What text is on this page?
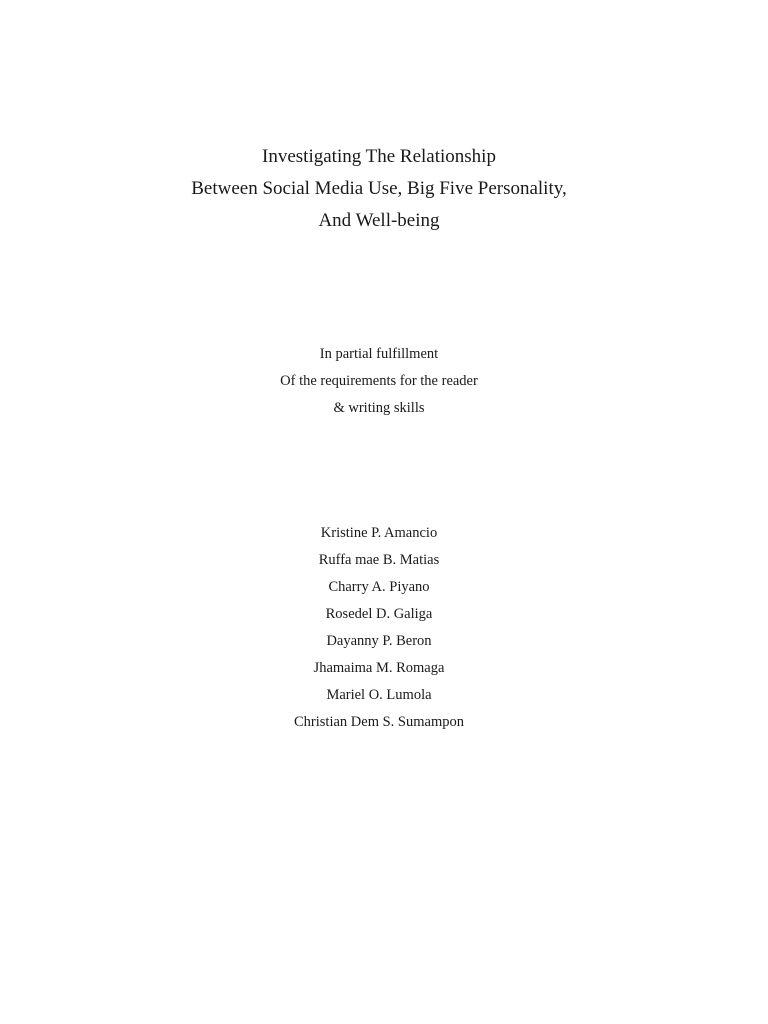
Investigating The Relationship
Between Social Media Use, Big Five Personality,
And Well-being
In partial fulfillment
Of the requirements for the reader
& writing skills
Kristine P. Amancio
Ruffa mae B. Matias
Charry A. Piyano
Rosedel D. Galiga
Dayanny P. Beron
Jhamaima M. Romaga
Mariel O. Lumola
Christian Dem S. Sumampon
